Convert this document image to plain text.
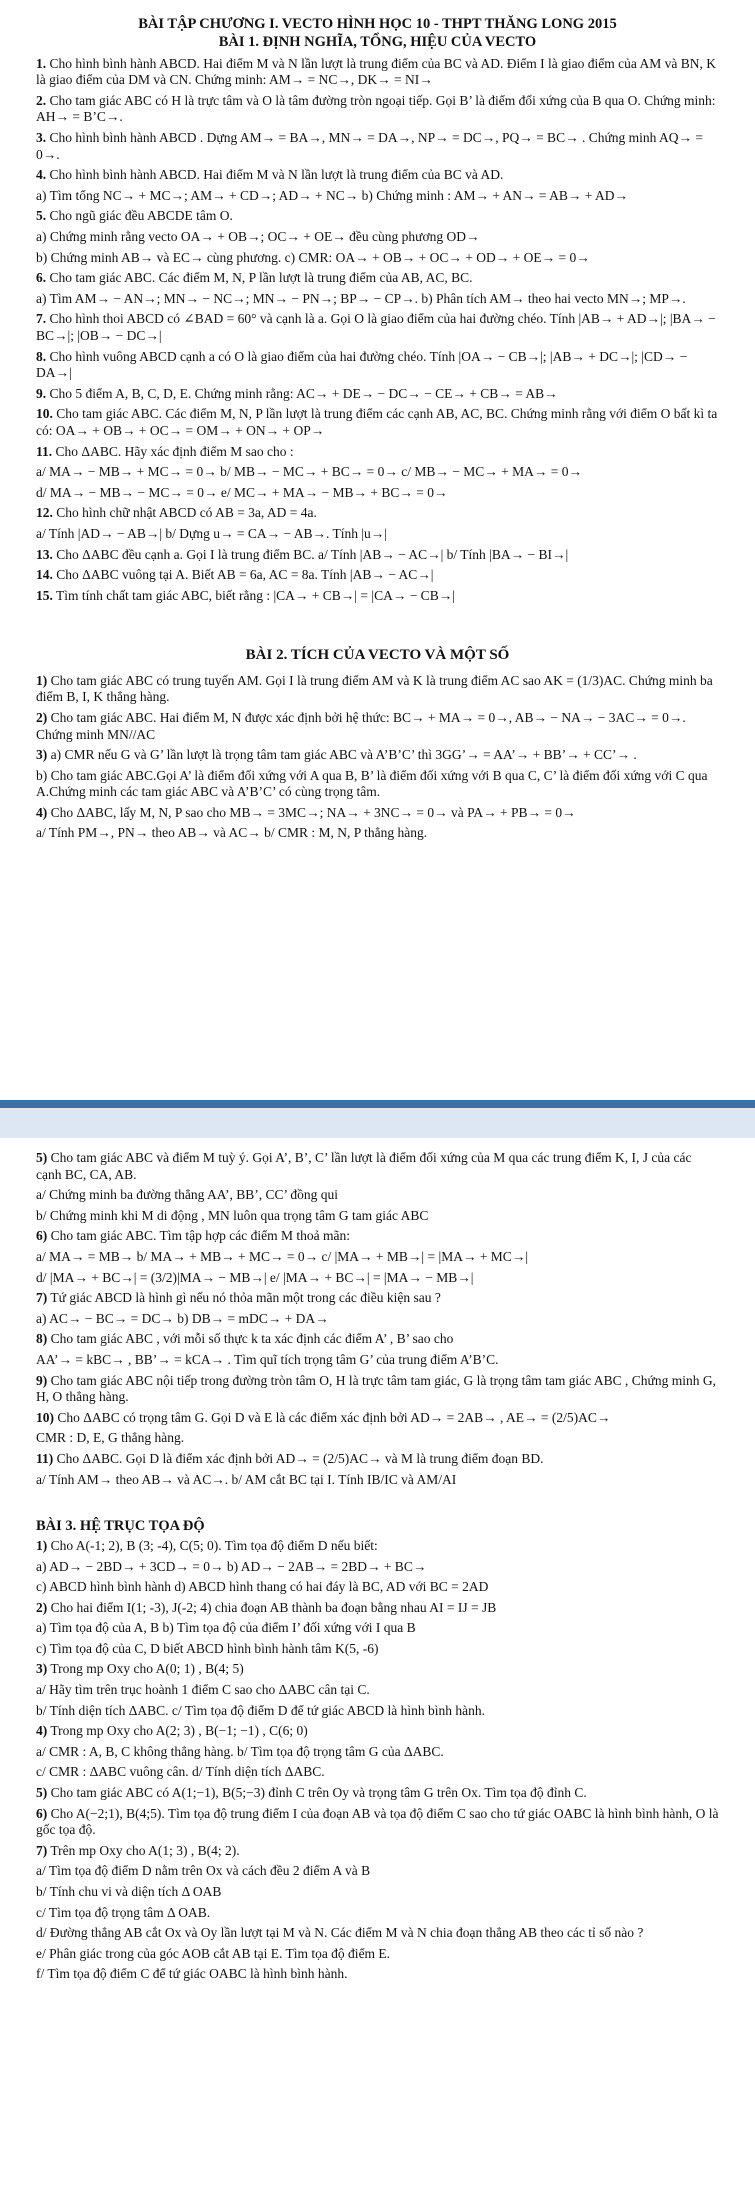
BÀI TẬP CHƯƠNG I. VECTO HÌNH HỌC 10 - THPT THĂNG LONG 2015
BÀI 1. ĐỊNH NGHĨA, TỔNG, HIỆU CỦA VECTO

1. Cho hình bình hành ABCD. Hai điểm M và N lần lượt là trung điểm của BC và AD. Điểm I là giao điểm của AM và BN, K là giao điểm của DM và CN. Chứng minh: AM→ = NC→, DK→ = NI→

2. Cho tam giác ABC có H là trực tâm và O là tâm đường tròn ngoại tiếp. Gọi B’ là điểm đối xứng của B qua O. Chứng minh: AH→ = B’C→.

3. Cho hình bình hành ABCD . Dựng AM→ = BA→, MN→ = DA→, NP→ = DC→, PQ→ = BC→ . Chứng minh AQ→ = 0→.

4. Cho hình bình hành ABCD. Hai điểm M và N lần lượt là trung điểm của BC và AD.

a) Tìm tổng NC→ + MC→; AM→ + CD→; AD→ + NC→ b) Chứng minh : AM→ + AN→ = AB→ + AD→

5. Cho ngũ giác đều ABCDE tâm O.

a) Chứng minh rằng vecto OA→ + OB→; OC→ + OE→ đều cùng phương OD→

b) Chứng minh AB→ và EC→ cùng phương. c) CMR: OA→ + OB→ + OC→ + OD→ + OE→ = 0→

6. Cho tam giác ABC. Các điểm M, N, P lần lượt là trung điểm của AB, AC, BC.

a) Tìm AM→ − AN→; MN→ − NC→; MN→ − PN→; BP→ − CP→. b) Phân tích AM→ theo hai vecto MN→; MP→.

7. Cho hình thoi ABCD có ∠BAD = 60° và cạnh là a. Gọi O là giao điểm của hai đường chéo. Tính |AB→ + AD→|; |BA→ − BC→|; |OB→ − DC→|

8. Cho hình vuông ABCD cạnh a có O là giao điểm của hai đường chéo. Tính |OA→ − CB→|; |AB→ + DC→|; |CD→ − DA→|

9. Cho 5 điểm A, B, C, D, E. Chứng minh rằng: AC→ + DE→ − DC→ − CE→ + CB→ = AB→

10. Cho tam giác ABC. Các điểm M, N, P lần lượt là trung điểm các cạnh AB, AC, BC. Chứng minh rằng với điểm O bất kì ta có: OA→ + OB→ + OC→ = OM→ + ON→ + OP→

11. Cho ΔABC. Hãy xác định điểm M sao cho :

a/ MA→ − MB→ + MC→ = 0→ b/ MB→ − MC→ + BC→ = 0→ c/ MB→ − MC→ + MA→ = 0→

d/ MA→ − MB→ − MC→ = 0→ e/ MC→ + MA→ − MB→ + BC→ = 0→

12. Cho hình chữ nhật ABCD có AB = 3a, AD = 4a.

a/ Tính |AD→ − AB→| b/ Dựng u→ = CA→ − AB→. Tính |u→|

13. Cho ΔABC đều cạnh a. Gọi I là trung điểm BC. a/ Tính |AB→ − AC→| b/ Tính |BA→ − BI→|

14. Cho ΔABC vuông tại A. Biết AB = 6a, AC = 8a. Tính |AB→ − AC→|

15. Tìm tính chất tam giác ABC, biết rằng : |CA→ + CB→| = |CA→ − CB→|

BÀI 2. TÍCH CỦA VECTO VÀ MỘT SỐ

1) Cho tam giác ABC có trung tuyến AM. Gọi I là trung điểm AM và K là trung điểm AC sao AK = (1/3)AC. Chứng minh ba điểm B, I, K thẳng hàng.

2) Cho tam giác ABC. Hai điểm M, N được xác định bởi hệ thức: BC→ + MA→ = 0→, AB→ − NA→ − 3AC→ = 0→. Chứng minh MN//AC

3) a) CMR nếu G và G’ lần lượt là trọng tâm tam giác ABC và A’B’C’ thì 3GG’→ = AA’→ + BB’→ + CC’→ .

b) Cho tam giác ABC.Gọi A’ là điểm đối xứng với A qua B, B’ là điểm đối xứng với B qua C, C’ là điểm đối xứng với C qua A.Chứng minh các tam giác ABC và A’B’C’ có cùng trọng tâm.

4) Cho ΔABC, lấy M, N, P sao cho MB→ = 3MC→; NA→ + 3NC→ = 0→ và PA→ + PB→ = 0→

a/ Tính PM→, PN→ theo AB→ và AC→ b/ CMR : M, N, P thẳng hàng.

5) Cho tam giác ABC và điểm M tuỳ ý. Gọi A’, B’, C’ lần lượt là điểm đối xứng của M qua các trung điểm K, I, J của các cạnh BC, CA, AB.

a/ Chứng minh ba đường thẳng AA’, BB’, CC’ đồng qui

b/ Chứng minh khi M di động , MN luôn qua trọng tâm G tam giác ABC

6) Cho tam giác ABC. Tìm tập hợp các điểm M thoả mãn:

a/ MA→ = MB→ b/ MA→ + MB→ + MC→ = 0→ c/ |MA→ + MB→| = |MA→ + MC→|

d/ |MA→ + BC→| = (3/2)|MA→ − MB→| e/ |MA→ + BC→| = |MA→ − MB→|

7) Tứ giác ABCD là hình gì nếu nó thỏa mãn một trong các điều kiện sau ?

a) AC→ − BC→ = DC→ b) DB→ = mDC→ + DA→

8) Cho tam giác ABC , với mỗi số thực k ta xác định các điểm A’ , B’ sao cho

AA’→ = kBC→ , BB’→ = kCA→ . Tìm quĩ tích trọng tâm G’ của trung điểm A’B’C.

9) Cho tam giác ABC nội tiếp trong đường tròn tâm O, H là trực tâm tam giác, G là trọng tâm tam giác ABC , Chứng minh G, H, O thẳng hàng.

10) Cho ΔABC có trọng tâm G. Gọi D và E là các điểm xác định bởi AD→ = 2AB→ , AE→ = (2/5)AC→

CMR : D, E, G thẳng hàng.

11) Cho ΔABC. Gọi D là điểm xác định bởi AD→ = (2/5)AC→ và M là trung điểm đoạn BD.

a/ Tính AM→ theo AB→ và AC→. b/ AM cắt BC tại I. Tính IB/IC và AM/AI

BÀI 3. HỆ TRỤC TỌA ĐỘ

1) Cho A(-1; 2), B (3; -4), C(5; 0). Tìm tọa độ điểm D nếu biết:

a) AD→ − 2BD→ + 3CD→ = 0→ b) AD→ − 2AB→ = 2BD→ + BC→

c) ABCD hình bình hành d) ABCD hình thang có hai đáy là BC, AD với BC = 2AD

2) Cho hai điểm I(1; -3), J(-2; 4) chia đoạn AB thành ba đoạn bằng nhau AI = IJ = JB

a) Tìm tọa độ của A, B b) Tìm tọa độ của điểm I’ đối xứng với I qua B

c) Tìm tọa độ của C, D biết ABCD hình bình hành tâm K(5, -6)

3) Trong mp Oxy cho A(0; 1) , B(4; 5)

a/ Hãy tìm trên trục hoành 1 điểm C sao cho ΔABC cân tại C.

b/ Tính diện tích ΔABC. c/ Tìm tọa độ điểm D để tứ giác ABCD là hình bình hành.

4) Trong mp Oxy cho A(2; 3) , B(−1; −1) , C(6; 0)

a/ CMR : A, B, C không thẳng hàng. b/ Tìm tọa độ trọng tâm G của ΔABC.

c/ CMR : ΔABC vuông cân. d/ Tính diện tích ΔABC.

5) Cho tam giác ABC có A(1;−1), B(5;−3) đỉnh C trên Oy và trọng tâm G trên Ox. Tìm tọa độ đỉnh C.

6) Cho A(−2;1), B(4;5). Tìm tọa độ trung điểm I của đoạn AB và tọa độ điểm C sao cho tứ giác OABC là hình bình hành, O là gốc tọa độ.

7) Trên mp Oxy cho A(1; 3) , B(4; 2).

a/ Tìm tọa độ điểm D nằm trên Ox và cách đều 2 điểm A và B

b/ Tính chu vi và diện tích Δ OAB

c/ Tìm tọa độ trọng tâm Δ OAB.

d/ Đường thẳng AB cắt Ox và Oy lần lượt tại M và N. Các điểm M và N chia đoạn thẳng AB theo các tỉ số nào ?

e/ Phân giác trong của góc AOB cắt AB tại E. Tìm tọa độ điểm E.

f/ Tìm tọa độ điểm C để tứ giác OABC là hình bình hành.
